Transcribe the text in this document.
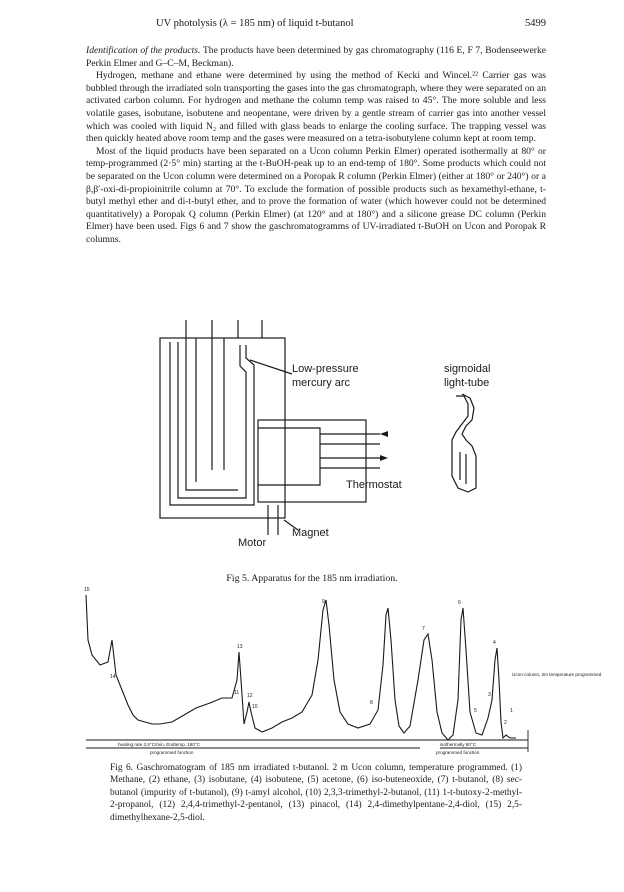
UV photolysis (λ = 185 nm) of liquid t-butanol	5499

Identification of the products. The products have been determined by gas chromatography (116 E, F 7, Bodenseewerke Perkin Elmer and G–C–M, Beckman).

Hydrogen, methane and ethane were determined by using the method of Kecki and Wincel.²² Carrier gas was bubbled through the irradiated soln transporting the gases into the gas chromatograph, where they were separated on an activated carbon column. For hydrogen and methane the column temp was raised to 45°. The more soluble and less volatile gases, isobutane, isobutene and neopentane, were driven by a gentle stream of carrier gas into another vessel which was cooled with liquid N₂ and filled with glass beads to enlarge the cooling surface. The trapping vessel was then quickly heated above room temp and the gases were measured on a tetra-isobutylene column kept at room temp.

Most of the liquid products have been separated on a Ucon column Perkin Elmer) operated isothermally at 80° or temp-programmed (2·5° min) starting at the t-BuOH-peak up to an end-temp of 180°. Some products which could not be separated on the Ucon column were determined on a Poropak R column (Perkin Elmer) (either at 180° or 240°) or a β,β′-oxi-di-propioinitrile column at 70°. To exclude the formation of possible products such as hexamethyl-ethane, t-butyl methyl ether and di-t-butyl ether, and to prove the formation of water (which however could not be determined quantitatively) a Poropak Q column (Perkin Elmer) (at 120° and at 180°) and a silicone grease DC column (Perkin Elmer) have been used. Figs 6 and 7 show the gaschromatogramms of UV-irradiated t-BuOH on Ucon and Poropak R columns.

Low-pressure
mercury arc
sigmoidal
light-tube
Thermostat
Motor
Magnet
Fig 5. Apparatus for the 185 nm irradiation.
15
14
13
12
11
10
9
8
7
6
5
4
3
2
1
Ucon-column, 2m temperature programmed
heating rate 2,5°C/min, Endtemp. 180°C
programmed function
isothermally 80°C
programmed function
Fig 6. Gaschromatogram of 185 nm irradiated t-butanol. 2 m Ucon column, temperature programmed. (1) Methane, (2) ethane, (3) isobutane, (4) isobutene, (5) acetone, (6) iso-buteneoxide, (7) t-butanol, (8) sec-butanol (impurity of t-butanol), (9) t-amyl alcohol, (10) 2,3,3-trimethyl-2-butanol, (11) 1-t-butoxy-2-methyl-2-propanol, (12) 2,4,4-trimethyl-2-pentanol, (13) pinacol, (14) 2,4-dimethylpentane-2,4-diol, (15) 2,5-dimethylhexane-2,5-diol.
